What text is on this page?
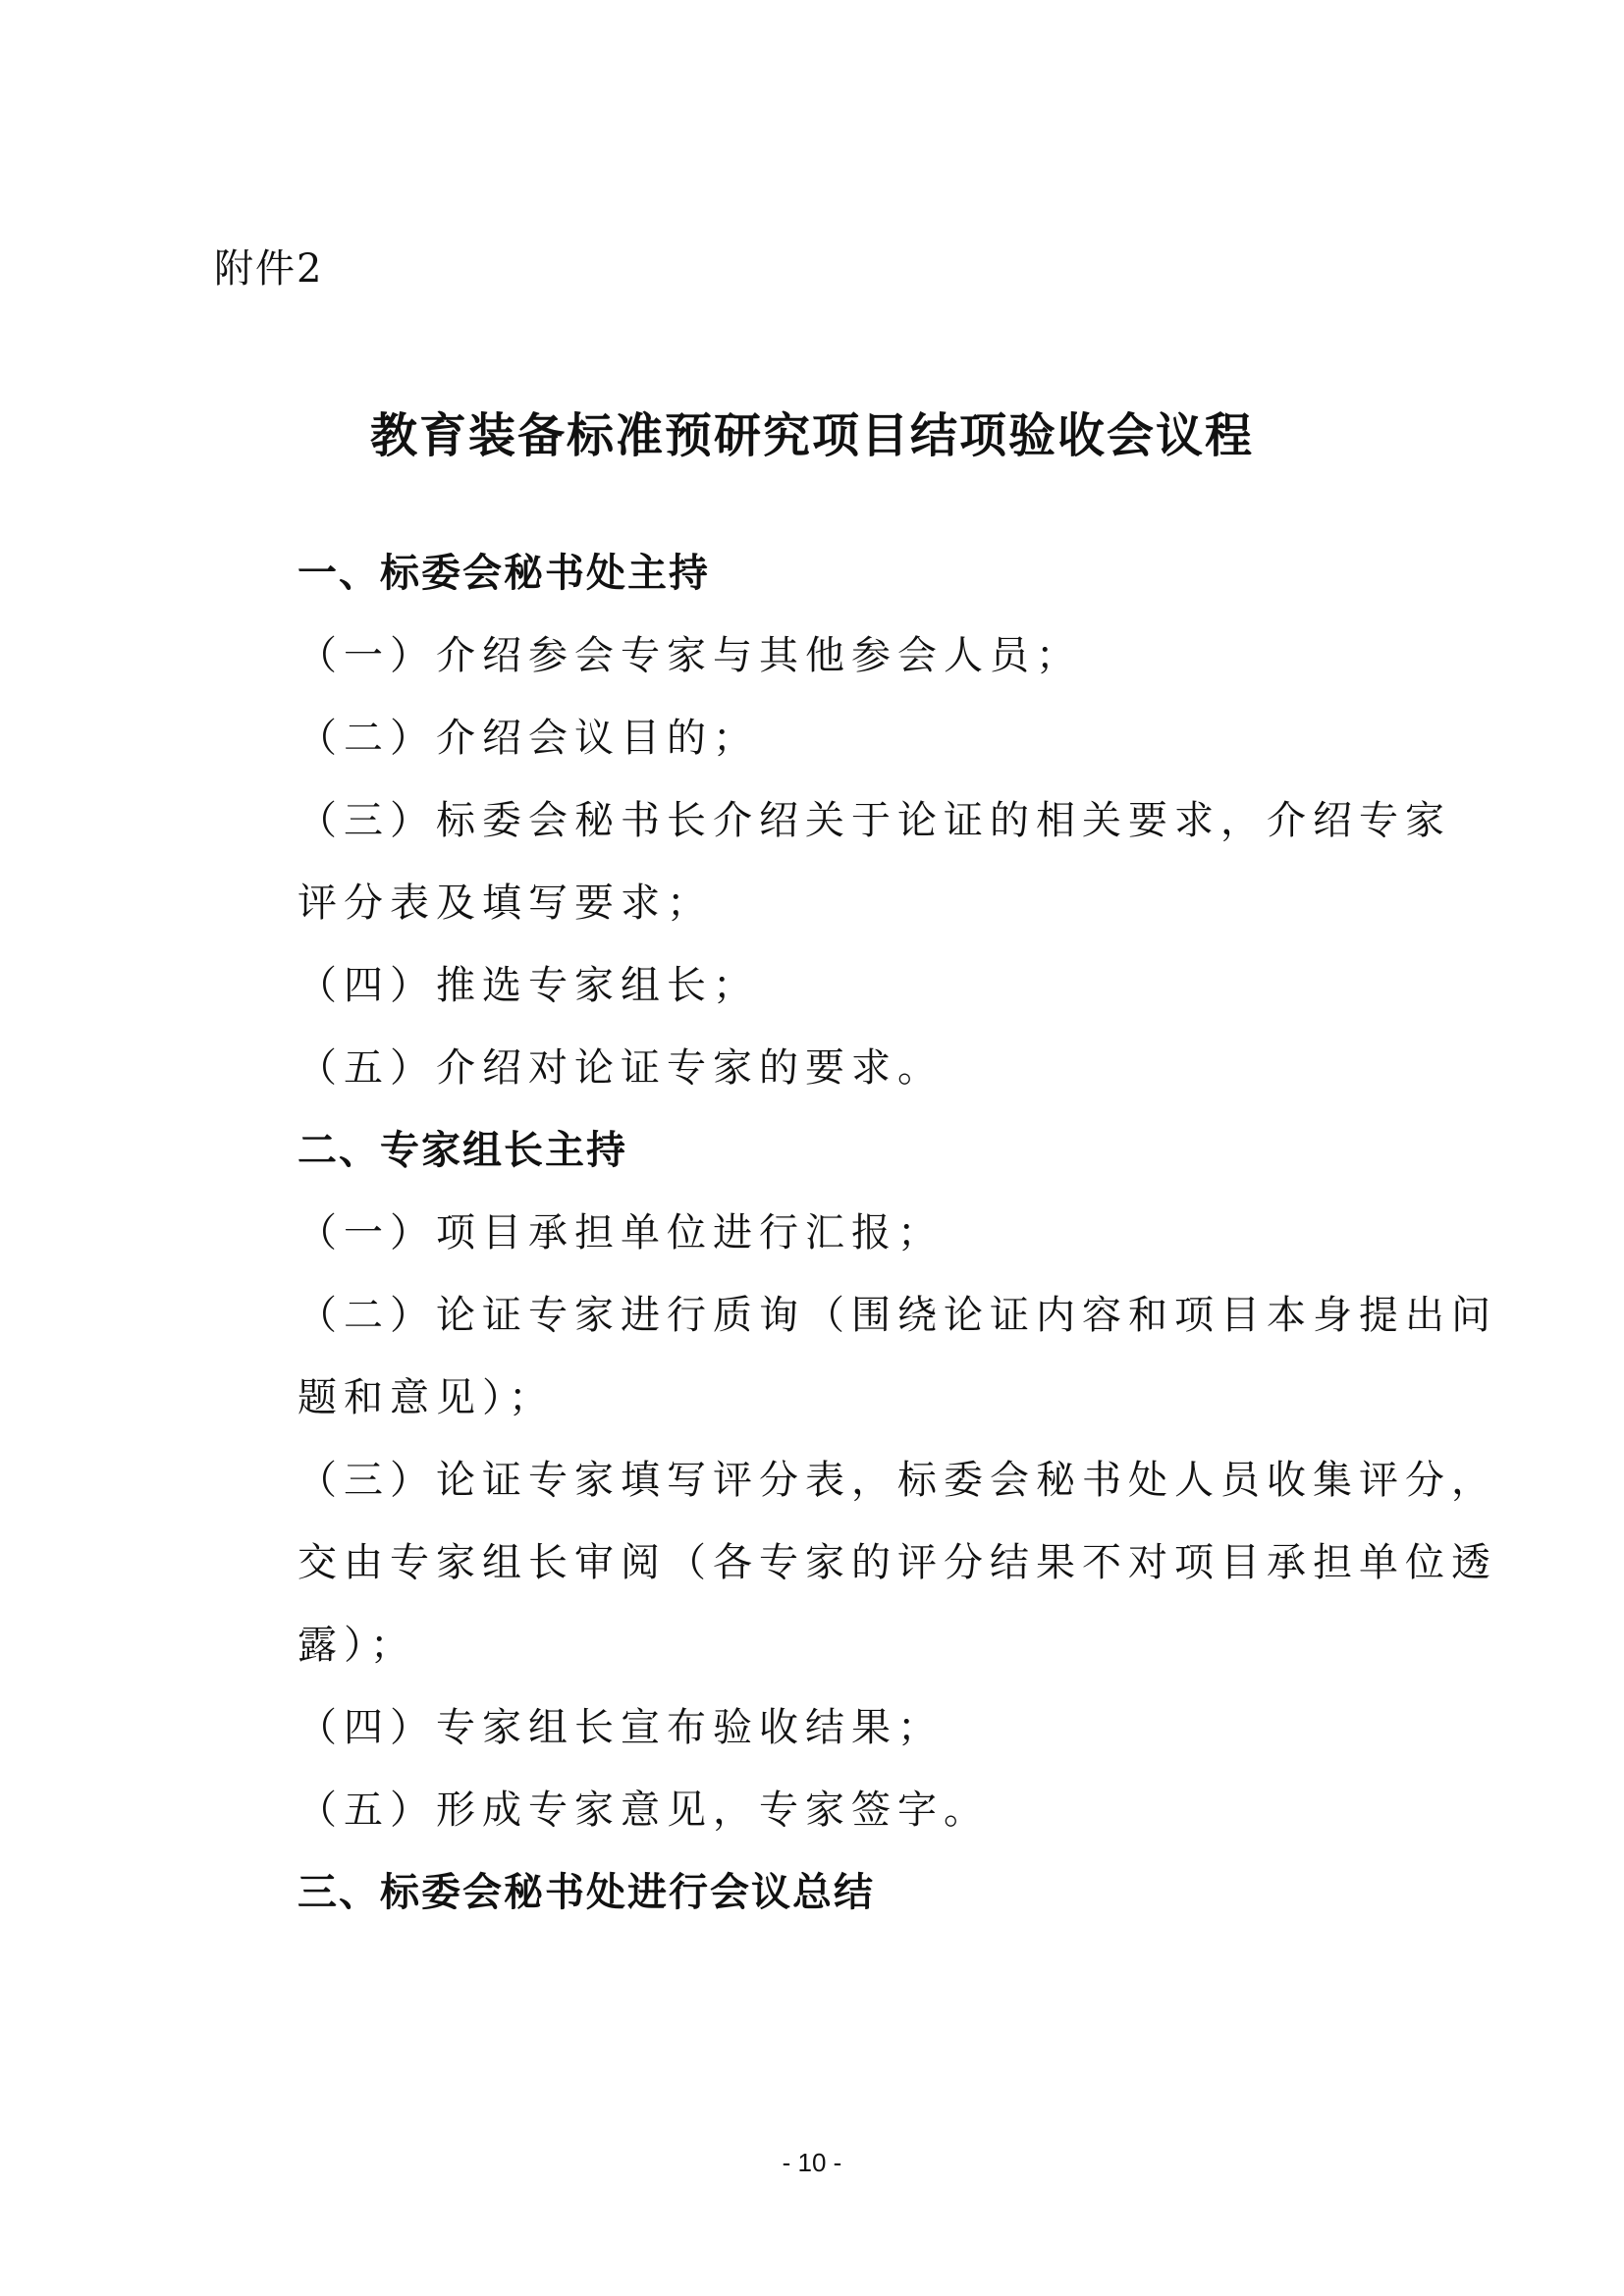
附件2
教育装备标准预研究项目结项验收会议程
一、标委会秘书处主持
（一）介绍参会专家与其他参会人员；
（二）介绍会议目的；
（三）标委会秘书长介绍关于论证的相关要求，介绍专家
评分表及填写要求；
（四）推选专家组长；
（五）介绍对论证专家的要求。
二、专家组长主持
（一）项目承担单位进行汇报；
（二）论证专家进行质询（围绕论证内容和项目本身提出问
题和意见）；
（三）论证专家填写评分表，标委会秘书处人员收集评分，
交由专家组长审阅（各专家的评分结果不对项目承担单位透
露）；
（四）专家组长宣布验收结果；
（五）形成专家意见，专家签字。
三、标委会秘书处进行会议总结
- 10 -
